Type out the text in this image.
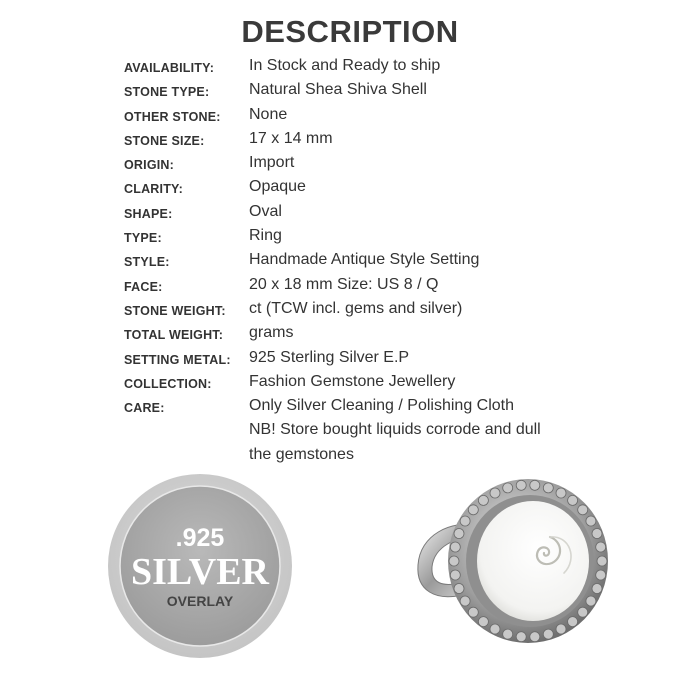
DESCRIPTION
AVAILABILITY: In Stock and Ready to ship
STONE TYPE: Natural Shea Shiva Shell
OTHER STONE: None
STONE SIZE:	17 x 14 mm
ORIGIN:	Import
CLARITY:	Opaque
SHAPE:	Oval
TYPE:	Ring
STYLE:	Handmade Antique Style Setting
FACE:	20 x 18 mm Size: US 8 / Q
STONE WEIGHT: ct (TCW incl. gems and silver)
TOTAL WEIGHT: grams
SETTING METAL: 925 Sterling Silver E.P
COLLECTION: Fashion Gemstone Jewellery
CARE:	Only Silver Cleaning / Polishing Cloth
NB! Store bought liquids corrode and dull
the gemstones
.925
SILVER
OVERLAY
